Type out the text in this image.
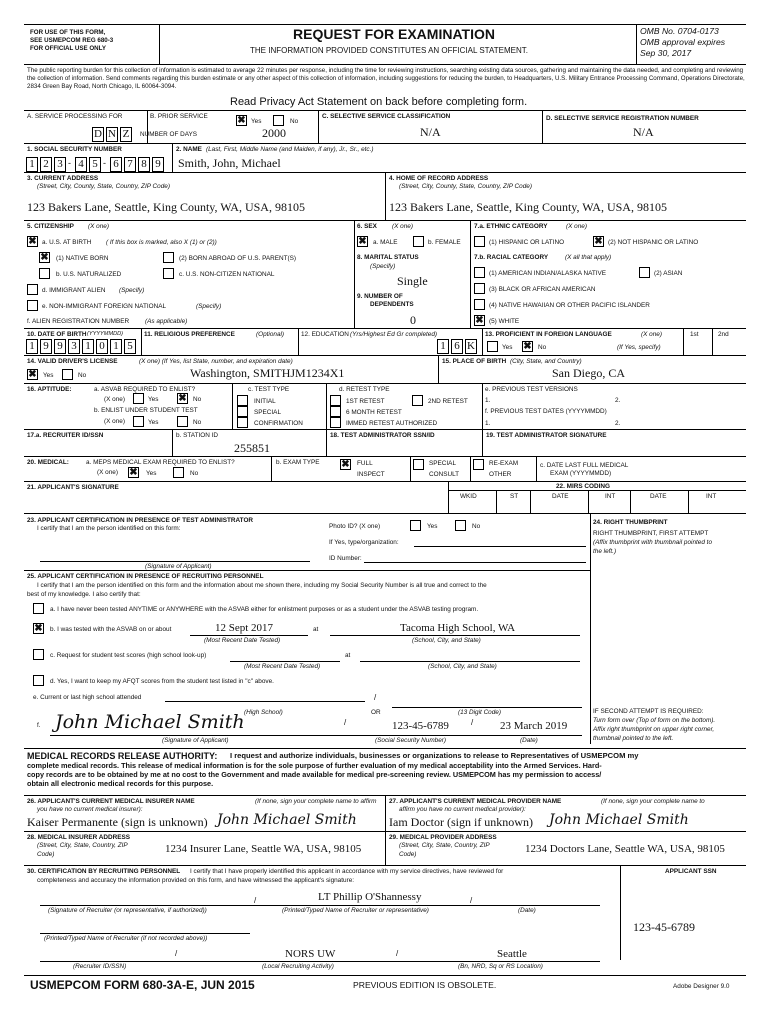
FOR USE OF THIS FORM,
SEE USMEPCOM REG 680-3
FOR OFFICIAL USE ONLY
REQUEST FOR EXAMINATION
THE INFORMATION PROVIDED CONSTITUTES AN OFFICIAL STATEMENT.
OMB No. 0704-0173
OMB approval expires
Sep 30, 2017
The public reporting burden for this collection of information is estimated to average 22 minutes per response, including the time for reviewing instructions, searching existing data sources, gathering and maintaining the data needed, and completing and reviewing the collection of information. Send comments regarding this burden estimate or any other aspect of this collection of information, including suggestions for reducing the burden, to Headquarters, U.S. Military Entrance Processing Command, Operations Directorate, 2834 Green Bay Road, North Chicago, IL 60064-3094.
Read Privacy Act Statement on back before completing form.
A. SERVICE PROCESSING FOR	B. PRIOR SERVICE	✖ Yes	No
C. SELECTIVE SERVICE CLASSIFICATION
N/A
D. SELECTIVE SERVICE REGISTRATION NUMBER
N/A
D N Z	NUMBER OF DAYS	2000
1. SOCIAL SECURITY NUMBER
1 2 3 - 4 5 - 6 7 8 9
2. NAME (Last, First, Middle Name (and Maiden, if any), Jr., Sr., etc.)
Smith, John, Michael
3. CURRENT ADDRESS
(Street, City, County, State, Country, ZIP Code)
123 Bakers Lane, Seattle, King County, WA, USA, 98105
4. HOME OF RECORD ADDRESS
(Street, City, County, State, Country, ZIP Code)
123 Bakers Lane, Seattle, King County, WA, USA, 98105
5. CITIZENSHIP (X one)
✖ a. U.S. AT BIRTH ( If this box is marked, also X (1) or (2))
✖ (1) NATIVE BORN	(2) BORN ABROAD OF U.S. PARENT(S)
b. U.S. NATURALIZED	c. U.S. NON-CITIZEN NATIONAL
d. IMMIGRANT ALIEN (Specify)
e. NON-IMMIGRANT FOREIGN NATIONAL	(Specify)
f. ALIEN REGISTRATION NUMBER (As applicable)
6. SEX (X one)
✖ a. MALE	b. FEMALE
8. MARITAL STATUS
(Specify)
Single
9. NUMBER OF
DEPENDENTS
0
7.a. ETHNIC CATEGORY	(X one)
(1) HISPANIC OR LATINO	✖ (2) NOT HISPANIC OR LATINO
7.b. RACIAL CATEGORY	(X all that apply)
(1) AMERICAN INDIAN/ALASKA NATIVE	(2) ASIAN
(3) BLACK OR AFRICAN AMERICAN
(4) NATIVE HAWAIIAN OR OTHER PACIFIC ISLANDER
✖ (5) WHITE
10. DATE OF BIRTH (YYYYMMDD)
1 9 9 3 1 0 1 5
11. RELIGIOUS PREFERENCE	(Optional)	12. EDUCATION (Yrs/Highest Ed Gr completed)
1 6 K
13. PROFICIENT IN FOREIGN LANGUAGE	(X one)	1st	2nd
Yes ✖ No	(If Yes, specify)
14. VALID DRIVER'S LICENSE	(X one) (If Yes, list State, number, and expiration date)
✖ Yes	No	Washington, SMITHJM1234X1
15. PLACE OF BIRTH (City, State, and Country)
San Diego, CA
16. APTITUDE:	a. ASVAB REQUIRED TO ENLIST?
(X one)	Yes ✖ No
b. ENLIST UNDER STUDENT TEST
(X one)	Yes	No
c. TEST TYPE
INITIAL
SPECIAL
CONFIRMATION
d. RETEST TYPE
1ST RETEST	2ND RETEST
6 MONTH RETEST
IMMED RETEST AUTHORIZED
e. PREVIOUS TEST VERSIONS
1.	2.
f. PREVIOUS TEST DATES (YYYYMMDD)
1.	2.
17.a. RECRUITER ID/SSN	b. STATION ID
255851
18. TEST ADMINISTRATOR SSN/ID	19. TEST ADMINISTRATOR SIGNATURE
20. MEDICAL:	a. MEPS MEDICAL EXAM REQUIRED TO ENLIST?
(X one) ✖ Yes	No
b. EXAM TYPE ✖ FULL
INSPECT
SPECIAL
CONSULT
RE-EXAM
OTHER
c. DATE LAST FULL MEDICAL
EXAM (YYYYMMDD)
21. APPLICANT'S SIGNATURE	22. MIRS CODING
WKID	ST	DATE	INT	DATE	INT
23. APPLICANT CERTIFICATION IN PRESENCE OF TEST ADMINISTRATOR
I certify that I am the person identified on this form:	Photo ID? (X one)	Yes	No
If Yes, type/organization:
ID Number:
(Signature of Applicant)
24. RIGHT THUMBPRINT
RIGHT THUMBPRINT, FIRST ATTEMPT
(Affix thumbprint with thumbnail pointed to
the left.)
25. APPLICANT CERTIFICATION IN PRESENCE OF RECRUITING PERSONNEL
I certify that I am the person identified on this form and the information about me shown there, including my Social Security Number is all true and correct to the
best of my knowledge. I also certify that:
a. I have never been tested ANYTIME or ANYWHERE with the ASVAB either for enlistment purposes or as a student under the ASVAB testing program.
✖ b. I was tested with the ASVAB on or about	12 Sept 2017	at	Tacoma High School, WA
(Most Recent Date Tested)	(School, City, and State)
c. Request for student test scores (high school look-up)	at
(Most Recent Date Tested)	(School, City, and State)
d. Yes, I want to keep my AFQT scores from the student test listed in "c" above.
e. Current or last high school attended	/
(High School)	OR	(13 Digit Code)
f. John Michael Smith	/	123-45-6789	/ 23 March 2019
(Signature of Applicant)	(Social Security Number)	(Date)
IF SECOND ATTEMPT IS REQUIRED:
Turn form over (Top of form on the bottom).
Affix right thumbprint on upper right corner,
thumbnail pointed to the left.
MEDICAL RECORDS RELEASE AUTHORITY: I request and authorize individuals, businesses or organizations to release to Representatives of USMEPCOM my
complete medical records. This release of medical information is for the sole purpose of further evaluation of my medical acceptability into the Armed Services. Hard-
copy records are to be obtained by me at no cost to the Government and made available for medical pre-screening review. USMEPCOM has my permission to access/
obtain all electronic medical records for this purpose.
26. APPLICANT'S CURRENT MEDICAL INSURER NAME	(If none, sign your complete name to affirm
you have no current medical insurer):
Kaiser Permanente (sign is unknown) John Michael Smith
27. APPLICANT'S CURRENT MEDICAL PROVIDER NAME	(If none, sign your complete name to
affirm you have no current medical provider):
Iam Doctor (sign if unknown) John Michael Smith
28. MEDICAL INSURER ADDRESS
(Street, City, State, Country, ZIP
Code)	1234 Insurer Lane, Seattle WA, USA, 98105
29. MEDICAL PROVIDER ADDRESS
(Street, City, State, Country, ZIP
Code)	1234 Doctors Lane, Seattle WA, USA, 98105
30. CERTIFICATION BY RECRUITING PERSONNEL I certify that I have properly identified this applicant in accordance with my service directives, have reviewed for
completeness and accuracy the information provided on this form, and have witnessed the applicant's signature:
APPLICANT SSN
123-45-6789
LT Phillip O'Shannessy
/	/
(Signature of Recruiter (or representative, if authorized))	(Printed/Typed Name of Recruiter or representative)	(Date)
(Printed/Typed Name of Recruiter (if not recorded above))
/	/
NORS UW	Seattle
(Recruiter ID/SSN)	(Local Recruiting Activity)	(Bn, NRD, Sq or RS Location)
USMEPCOM FORM 680-3A-E, JUN 2015	PREVIOUS EDITION IS OBSOLETE.	Adobe Designer 9.0
